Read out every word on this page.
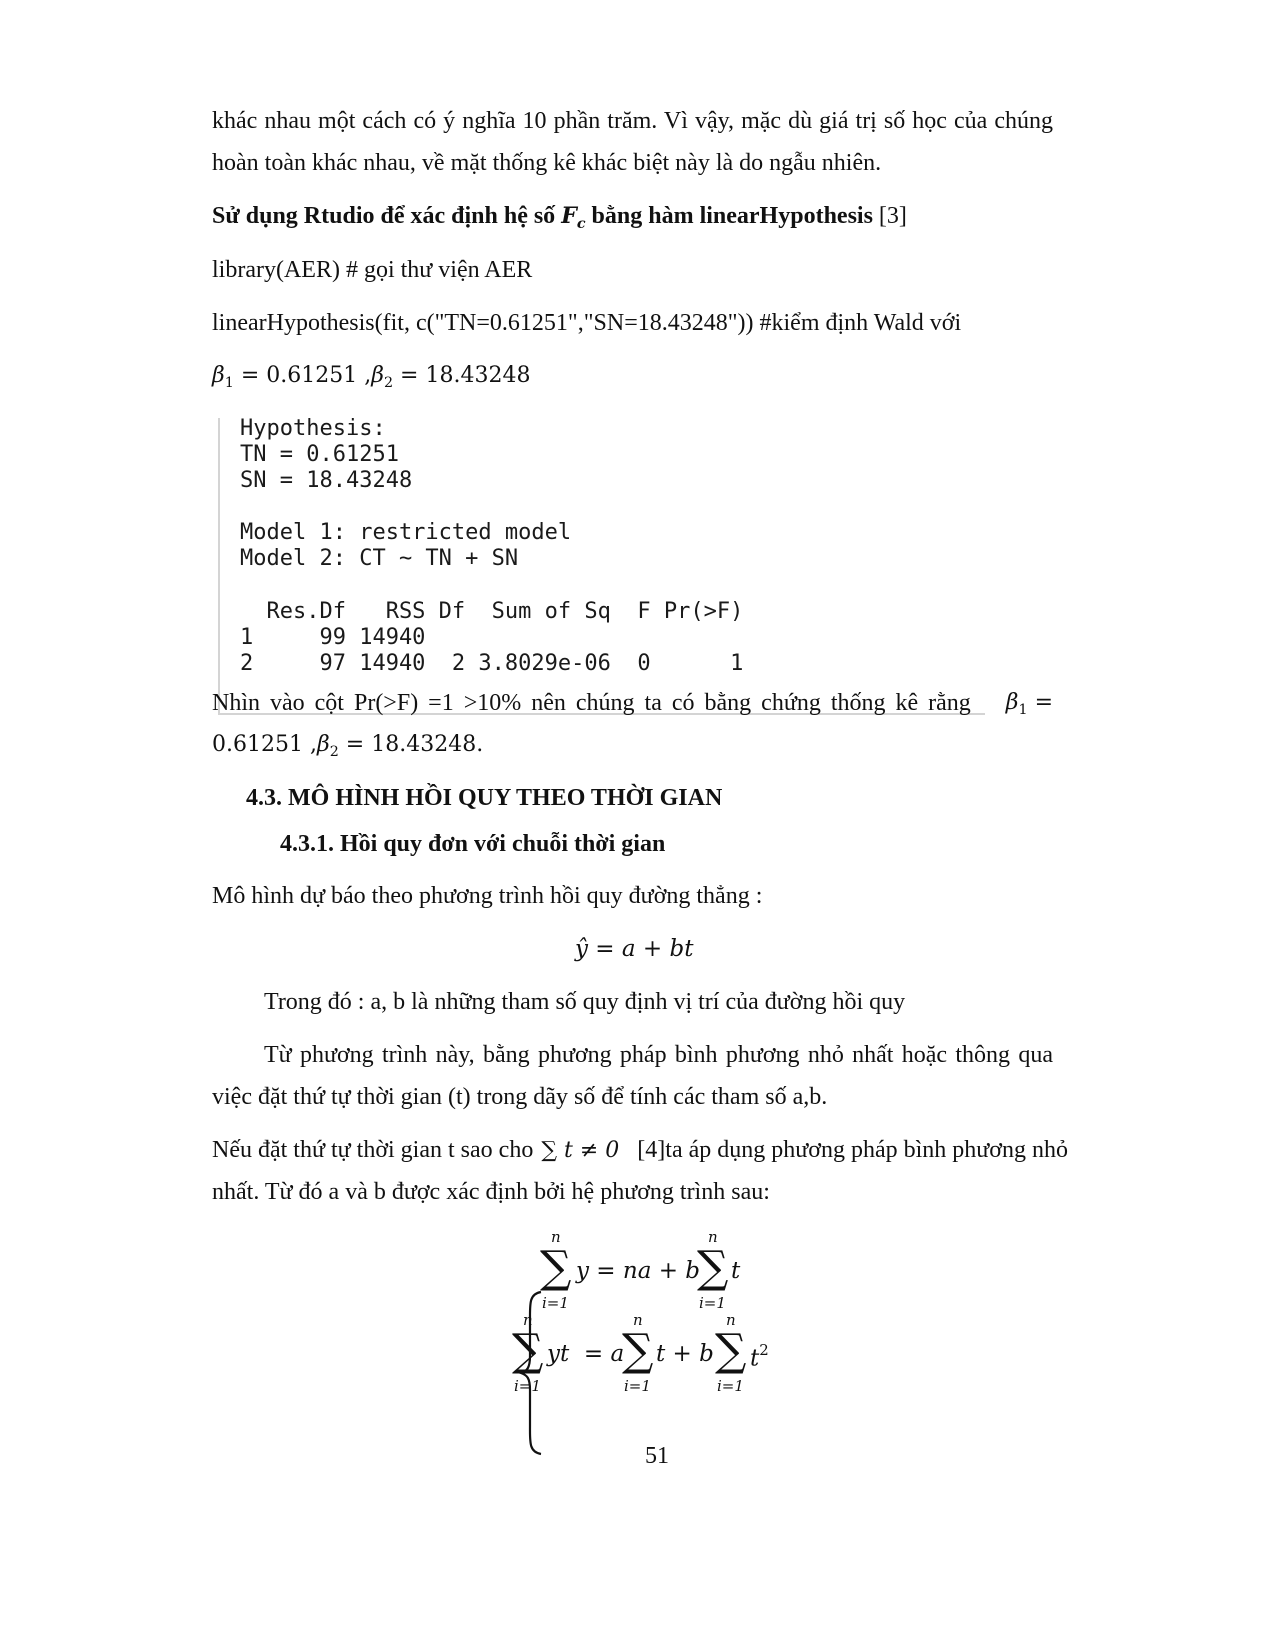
khác nhau một cách có ý nghĩa 10 phần trăm. Vì vậy, mặc dù giá trị số học của chúng
hoàn toàn khác nhau, về mặt thống kê khác biệt này là do ngẫu nhiên.
Sử dụng Rtudio để xác định hệ số $F_c$ bằng hàm linearHypothesis [3]
library(AER) # gọi thư viện AER
linearHypothesis(fit, c("TN=0.61251","SN=18.43248")) #kiểm định Wald với
$\beta_1 = 0.61251$ $,\beta_2 = 18.43248$
Hypothesis:
TN = 0.61251
SN = 18.43248
Model 1: restricted model
Model 2: CT ~ TN + SN
Res.Df   RSS Df  Sum of Sq  F Pr(>F)
1     99 14940
2     97 14940  2 3.8029e-06  0      1
Nhìn vào cột Pr(>F) =1 >10% nên chúng ta có bằng chứng thống kê rằng $\beta_1$ =
0.61251 $,\beta_2 = 18.43248$.
4.3. MÔ HÌNH HỒI QUY THEO THỜI GIAN
4.3.1. Hồi quy đơn với chuỗi thời gian
Mô hình dự báo theo phương trình hồi quy đường thẳng :
ŷ = a + bt
Trong đó : a, b là những tham số quy định vị trí của đường hồi quy
Từ phương trình này, bằng phương pháp bình phương nhỏ nhất hoặc thông qua
việc đặt thứ tự thời gian (t) trong dãy số để tính các tham số a,b.
Nếu đặt thứ tự thời gian t sao cho ∑ t ≠ 0 [4]ta áp dụng phương pháp bình phương nhỏ
nhất. Từ đó a và b được xác định bởi hệ phương trình sau:
n
∑
i=1
y = na + b
n
∑
i=1
t
n
∑
i=1
yt  = a
n
∑
i=1
t + b
n
∑
i=1
$t^2$
51
